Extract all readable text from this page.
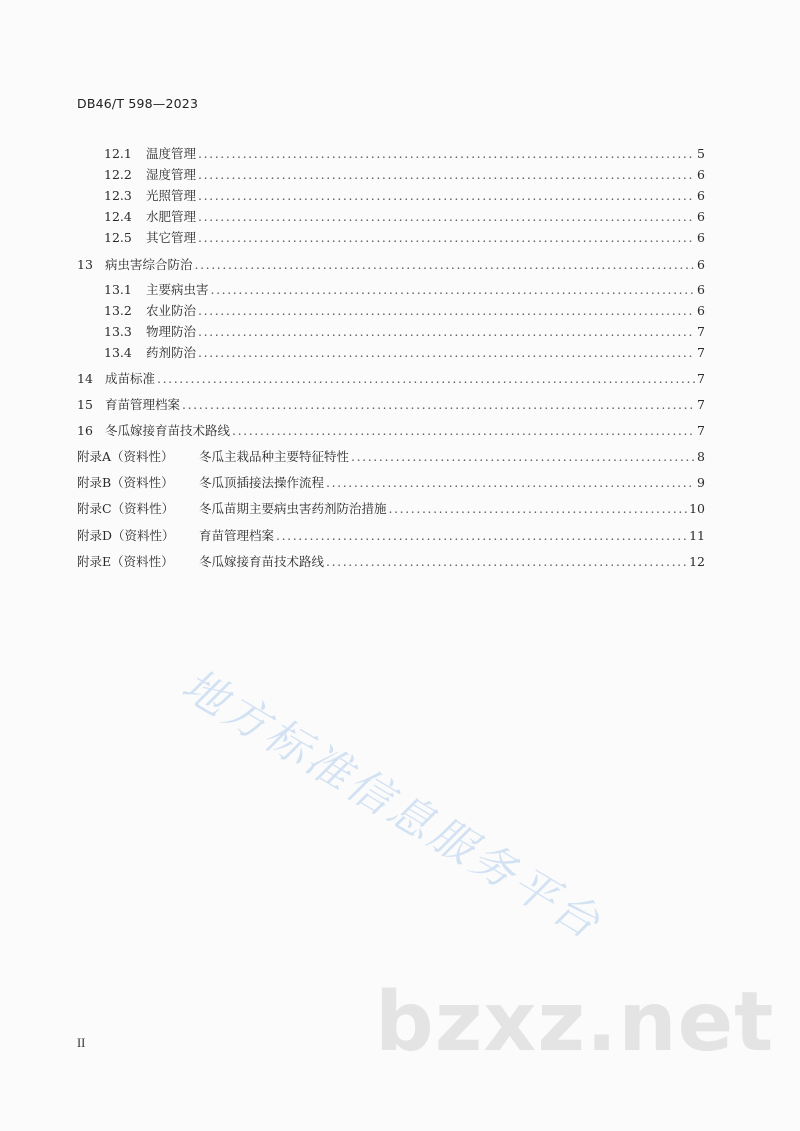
DB46/T 598—2023
12.1	温度管理 .....	5
12.2	湿度管理 .....	6
12.3	光照管理 .....	6
12.4	水肥管理 .....	6
12.5	其它管理 .....	6
13 病虫害综合防治 .....	6
13.1	主要病虫害 .....	6
13.2	农业防治 .....	6
13.3	物理防治 .....	7
13.4	药剂防治 .....	7
14 成苗标准 .....	7
15 育苗管理档案 .....	7
16 冬瓜嫁接育苗技术路线 .....	7
附录A（资料性）	冬瓜主栽品种主要特征特性 .....	8
附录B（资料性）	冬瓜顶插接法操作流程 .....	9
附录C（资料性）	冬瓜苗期主要病虫害药剂防治措施 .....	10
附录D（资料性）	育苗管理档案 .....	11
附录E（资料性）	冬瓜嫁接育苗技术路线 .....	12
地方标准信息服务平台
bzxz.net
II
